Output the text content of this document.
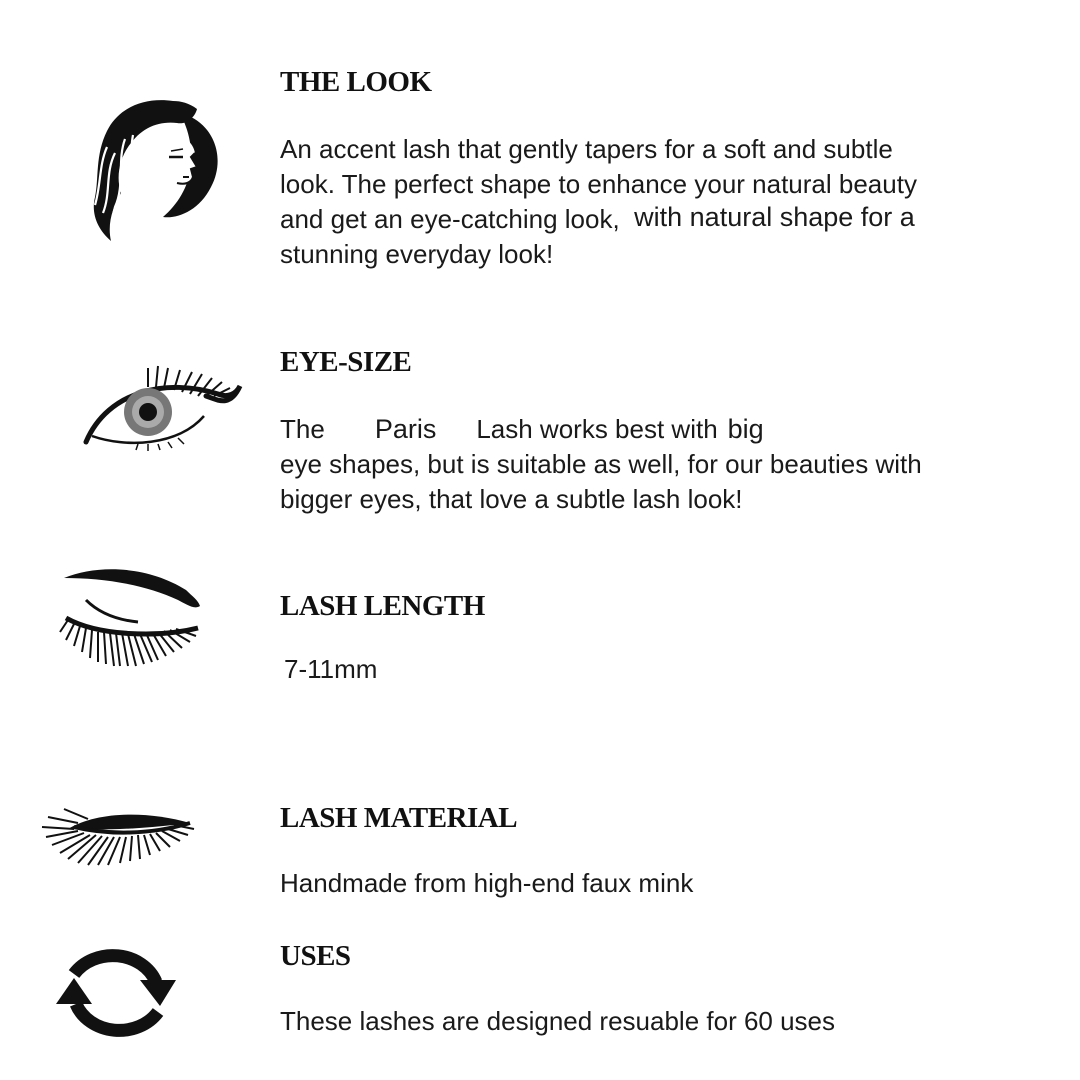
THE LOOK
An accent lash that gently tapers for a soft and subtle
look. The perfect shape to enhance your natural beauty
and get an eye-catching look, with natural shape for a
stunning everyday look!
EYE-SIZE
The Paris Lash works best with big
eye shapes, but is suitable as well, for our beauties with
bigger eyes, that love a subtle lash look!
LASH LENGTH
7-11mm
LASH MATERIAL
Handmade from high-end faux mink
USES
These lashes are designed resuable for 60 uses
